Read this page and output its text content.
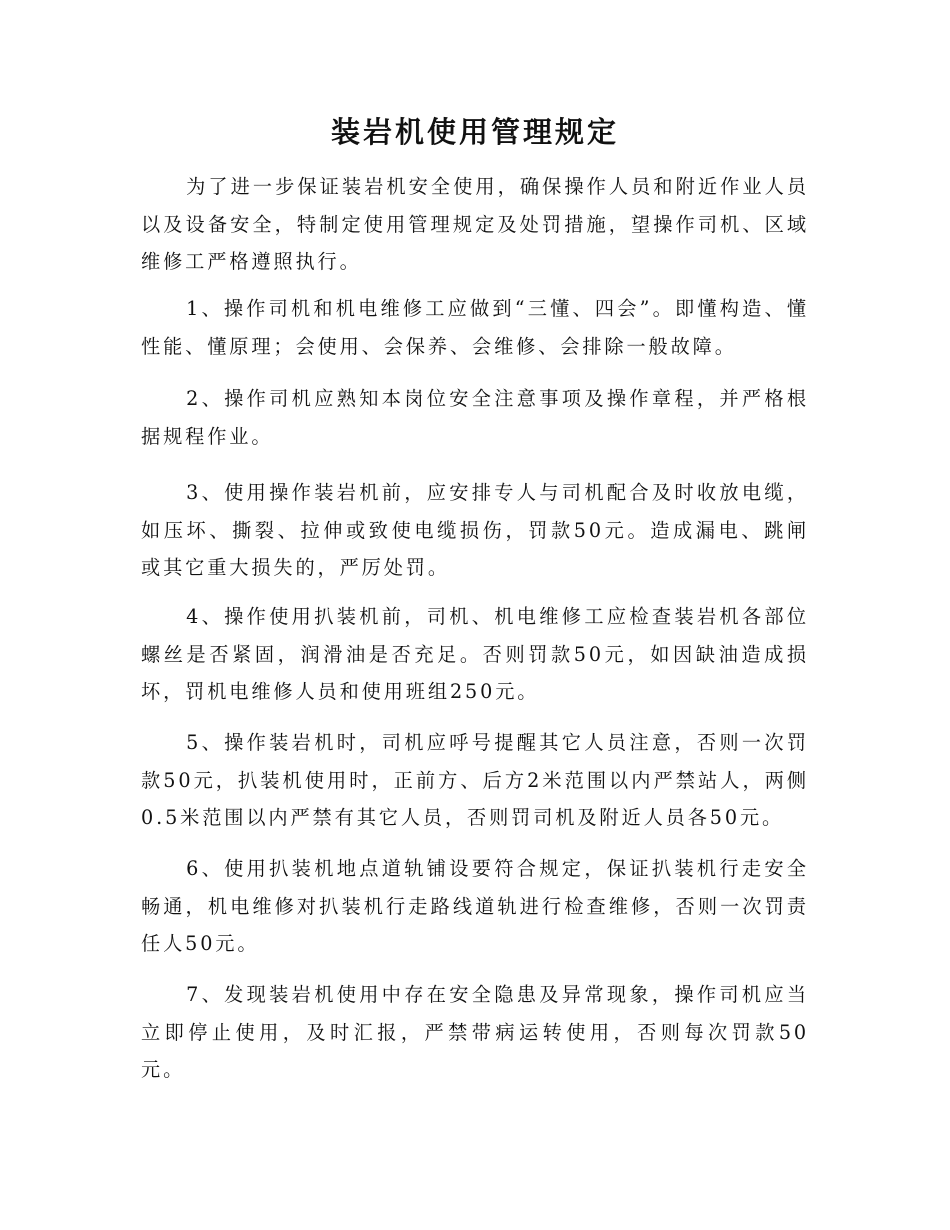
装岩机使用管理规定

为了进一步保证装岩机安全使用，确保操作人员和附近作业人员以及设备安全，特制定使用管理规定及处罚措施，望操作司机、区域维修工严格遵照执行。

1、操作司机和机电维修工应做到“三懂、四会”。即懂构造、懂性能、懂原理；会使用、会保养、会维修、会排除一般故障。

2、操作司机应熟知本岗位安全注意事项及操作章程，并严格根据规程作业。

3、使用操作装岩机前，应安排专人与司机配合及时收放电缆，如压坏、撕裂、拉伸或致使电缆损伤，罚款50元。造成漏电、跳闸或其它重大损失的，严厉处罚。

4、操作使用扒装机前，司机、机电维修工应检查装岩机各部位螺丝是否紧固，润滑油是否充足。否则罚款50元，如因缺油造成损坏，罚机电维修人员和使用班组250元。

5、操作装岩机时，司机应呼号提醒其它人员注意，否则一次罚款50元，扒装机使用时，正前方、后方2米范围以内严禁站人，两侧0.5米范围以内严禁有其它人员，否则罚司机及附近人员各50元。

6、使用扒装机地点道轨铺设要符合规定，保证扒装机行走安全畅通，机电维修对扒装机行走路线道轨进行检查维修，否则一次罚责任人50元。

7、发现装岩机使用中存在安全隐患及异常现象，操作司机应当立即停止使用，及时汇报，严禁带病运转使用，否则每次罚款50元。
